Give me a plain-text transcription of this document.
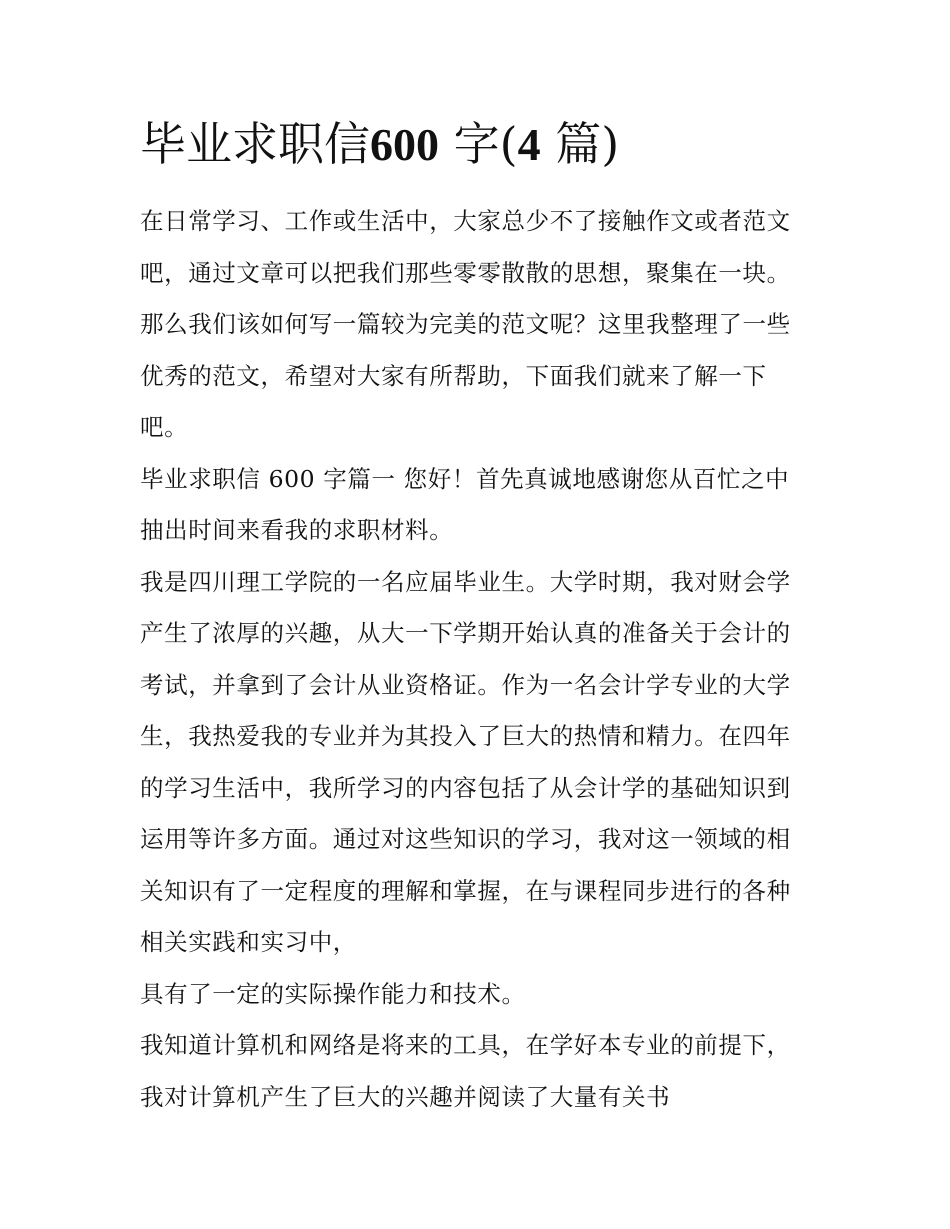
毕业求职信600 字(4 篇)
在日常学习、工作或生活中，大家总少不了接触作文或者范文
吧，通过文章可以把我们那些零零散散的思想，聚集在一块。
那么我们该如何写一篇较为完美的范文呢？这里我整理了一些
优秀的范文，希望对大家有所帮助，下面我们就来了解一下
吧。
毕业求职信 600 字篇一 您好！首先真诚地感谢您从百忙之中
抽出时间来看我的求职材料。
我是四川理工学院的一名应届毕业生。大学时期，我对财会学
产生了浓厚的兴趣，从大一下学期开始认真的准备关于会计的
考试，并拿到了会计从业资格证。作为一名会计学专业的大学
生，我热爱我的专业并为其投入了巨大的热情和精力。在四年
的学习生活中，我所学习的内容包括了从会计学的基础知识到
运用等许多方面。通过对这些知识的学习，我对这一领域的相
关知识有了一定程度的理解和掌握，在与课程同步进行的各种
相关实践和实习中，
具有了一定的实际操作能力和技术。
我知道计算机和网络是将来的工具，在学好本专业的前提下，
我对计算机产生了巨大的兴趣并阅读了大量有关书
